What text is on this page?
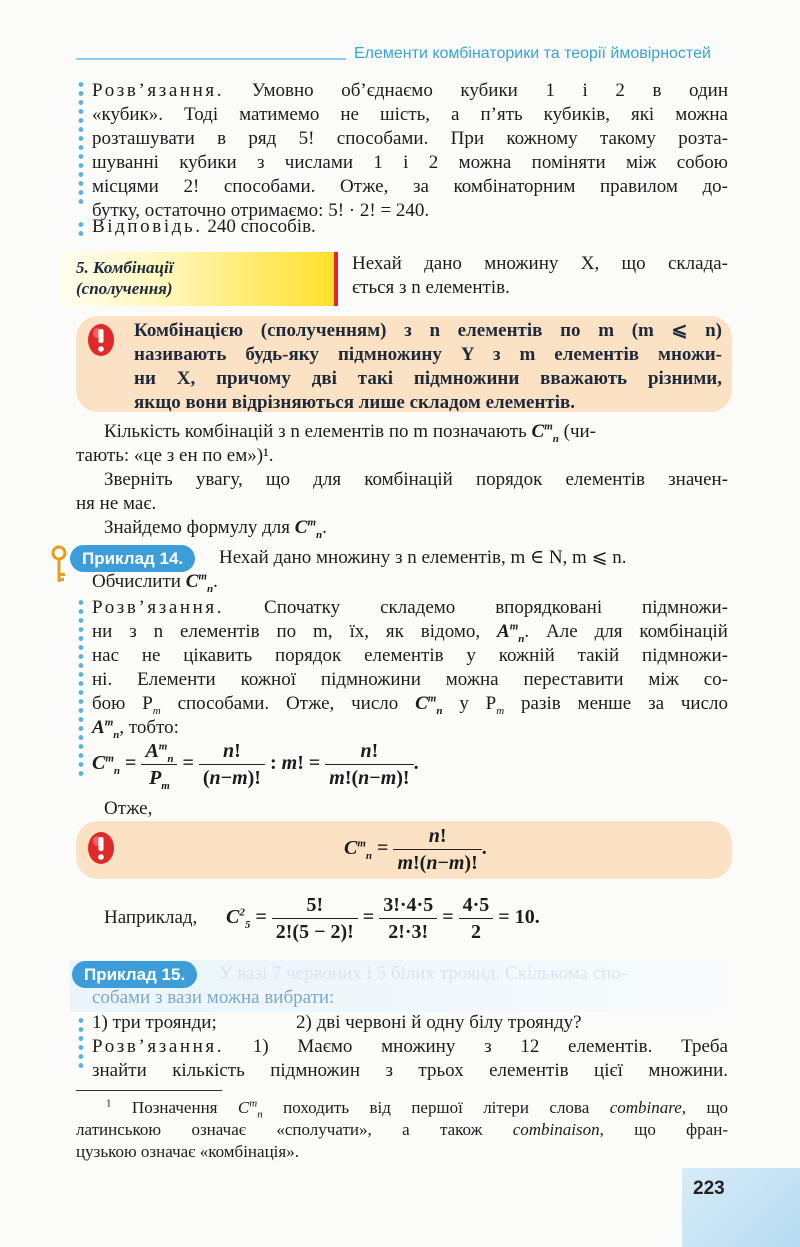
Елементи комбінаторики та теорії ймовірностей
Розв’язання. Умовно об’єднаємо кубики 1 і 2 в один
«кубик». Тоді матимемо не шість, а п’ять кубиків, які можна
розташувати в ряд 5! способами. При кожному такому розта-
шуванні кубики з числами 1 і 2 можна поміняти між собою
місцями 2! способами. Отже, за комбінаторним правилом до-
бутку, остаточно отримаємо: 5! · 2! = 240.
Відповідь. 240 способів.
5. Комбінації
(сполучення)
Нехай дано множину X, що склада-
ється з n елементів.
Комбінацією (сполученням) з n елементів по m (m ⩽ n)
називають будь-яку підмножину Y з m елементів множи-
ни X, причому дві такі підмножини вважають різними,
якщо вони відрізняються лише складом елементів.
Кількість комбінацій з n елементів по m позначають $C^m_n$ (чи-
тають: «це з ен по ем»)¹.
Зверніть увагу, що для комбінацій порядок елементів значен-
ня не має.
Знайдемо формулу для $C^m_n$.
Приклад 14.	Нехай дано множину з n елементів, m ∈ N, m ⩽ n.
Обчислити $C^m_n$.
Розв’язання. Спочатку складемо впорядковані підмножи-
ни з n елементів по m, їх, як відомо, $A^m_n$. Але для комбінацій
нас не цікавить порядок елементів у кожній такій підмножи-
ні. Елементи кожної підмножини можна переставити між со-
бою $P_m$ способами. Отже, число $C^m_n$ у $P_m$ разів менше за число
$A^m_n$, тобто:
$C^m_n = \frac{A^m_n}{P_m} = \frac{n!}{(n-m)!}$ : m! = $\frac{n!}{m!(n-m)!}$ .
Отже,
$C^m_n = \frac{n!}{m!(n-m)!}$ .
Наприклад, $C^2_5 = \frac{5!}{2!(5 - 2)!} = \frac{3!\cdot 4\cdot 5}{2!\cdot 3!} = \frac{4\cdot 5}{2} = 10$.
Приклад 15.	У вазі 7 червоних і 5 білих троянд. Скількома спо-
собами з вази можна вибрати:
1) три троянди;	2) дві червоні й одну білу троянду?
Розв’язання. 1) Маємо множину з 12 елементів. Треба
знайти кількість підмножин з трьох елементів цієї множини.
$^1$ Позначення $C^m_n$ походить від першої літери слова combinare, що
латинською означає «сполучати», а також combinaison, що фран-
цузькою означає «комбінація».
223
